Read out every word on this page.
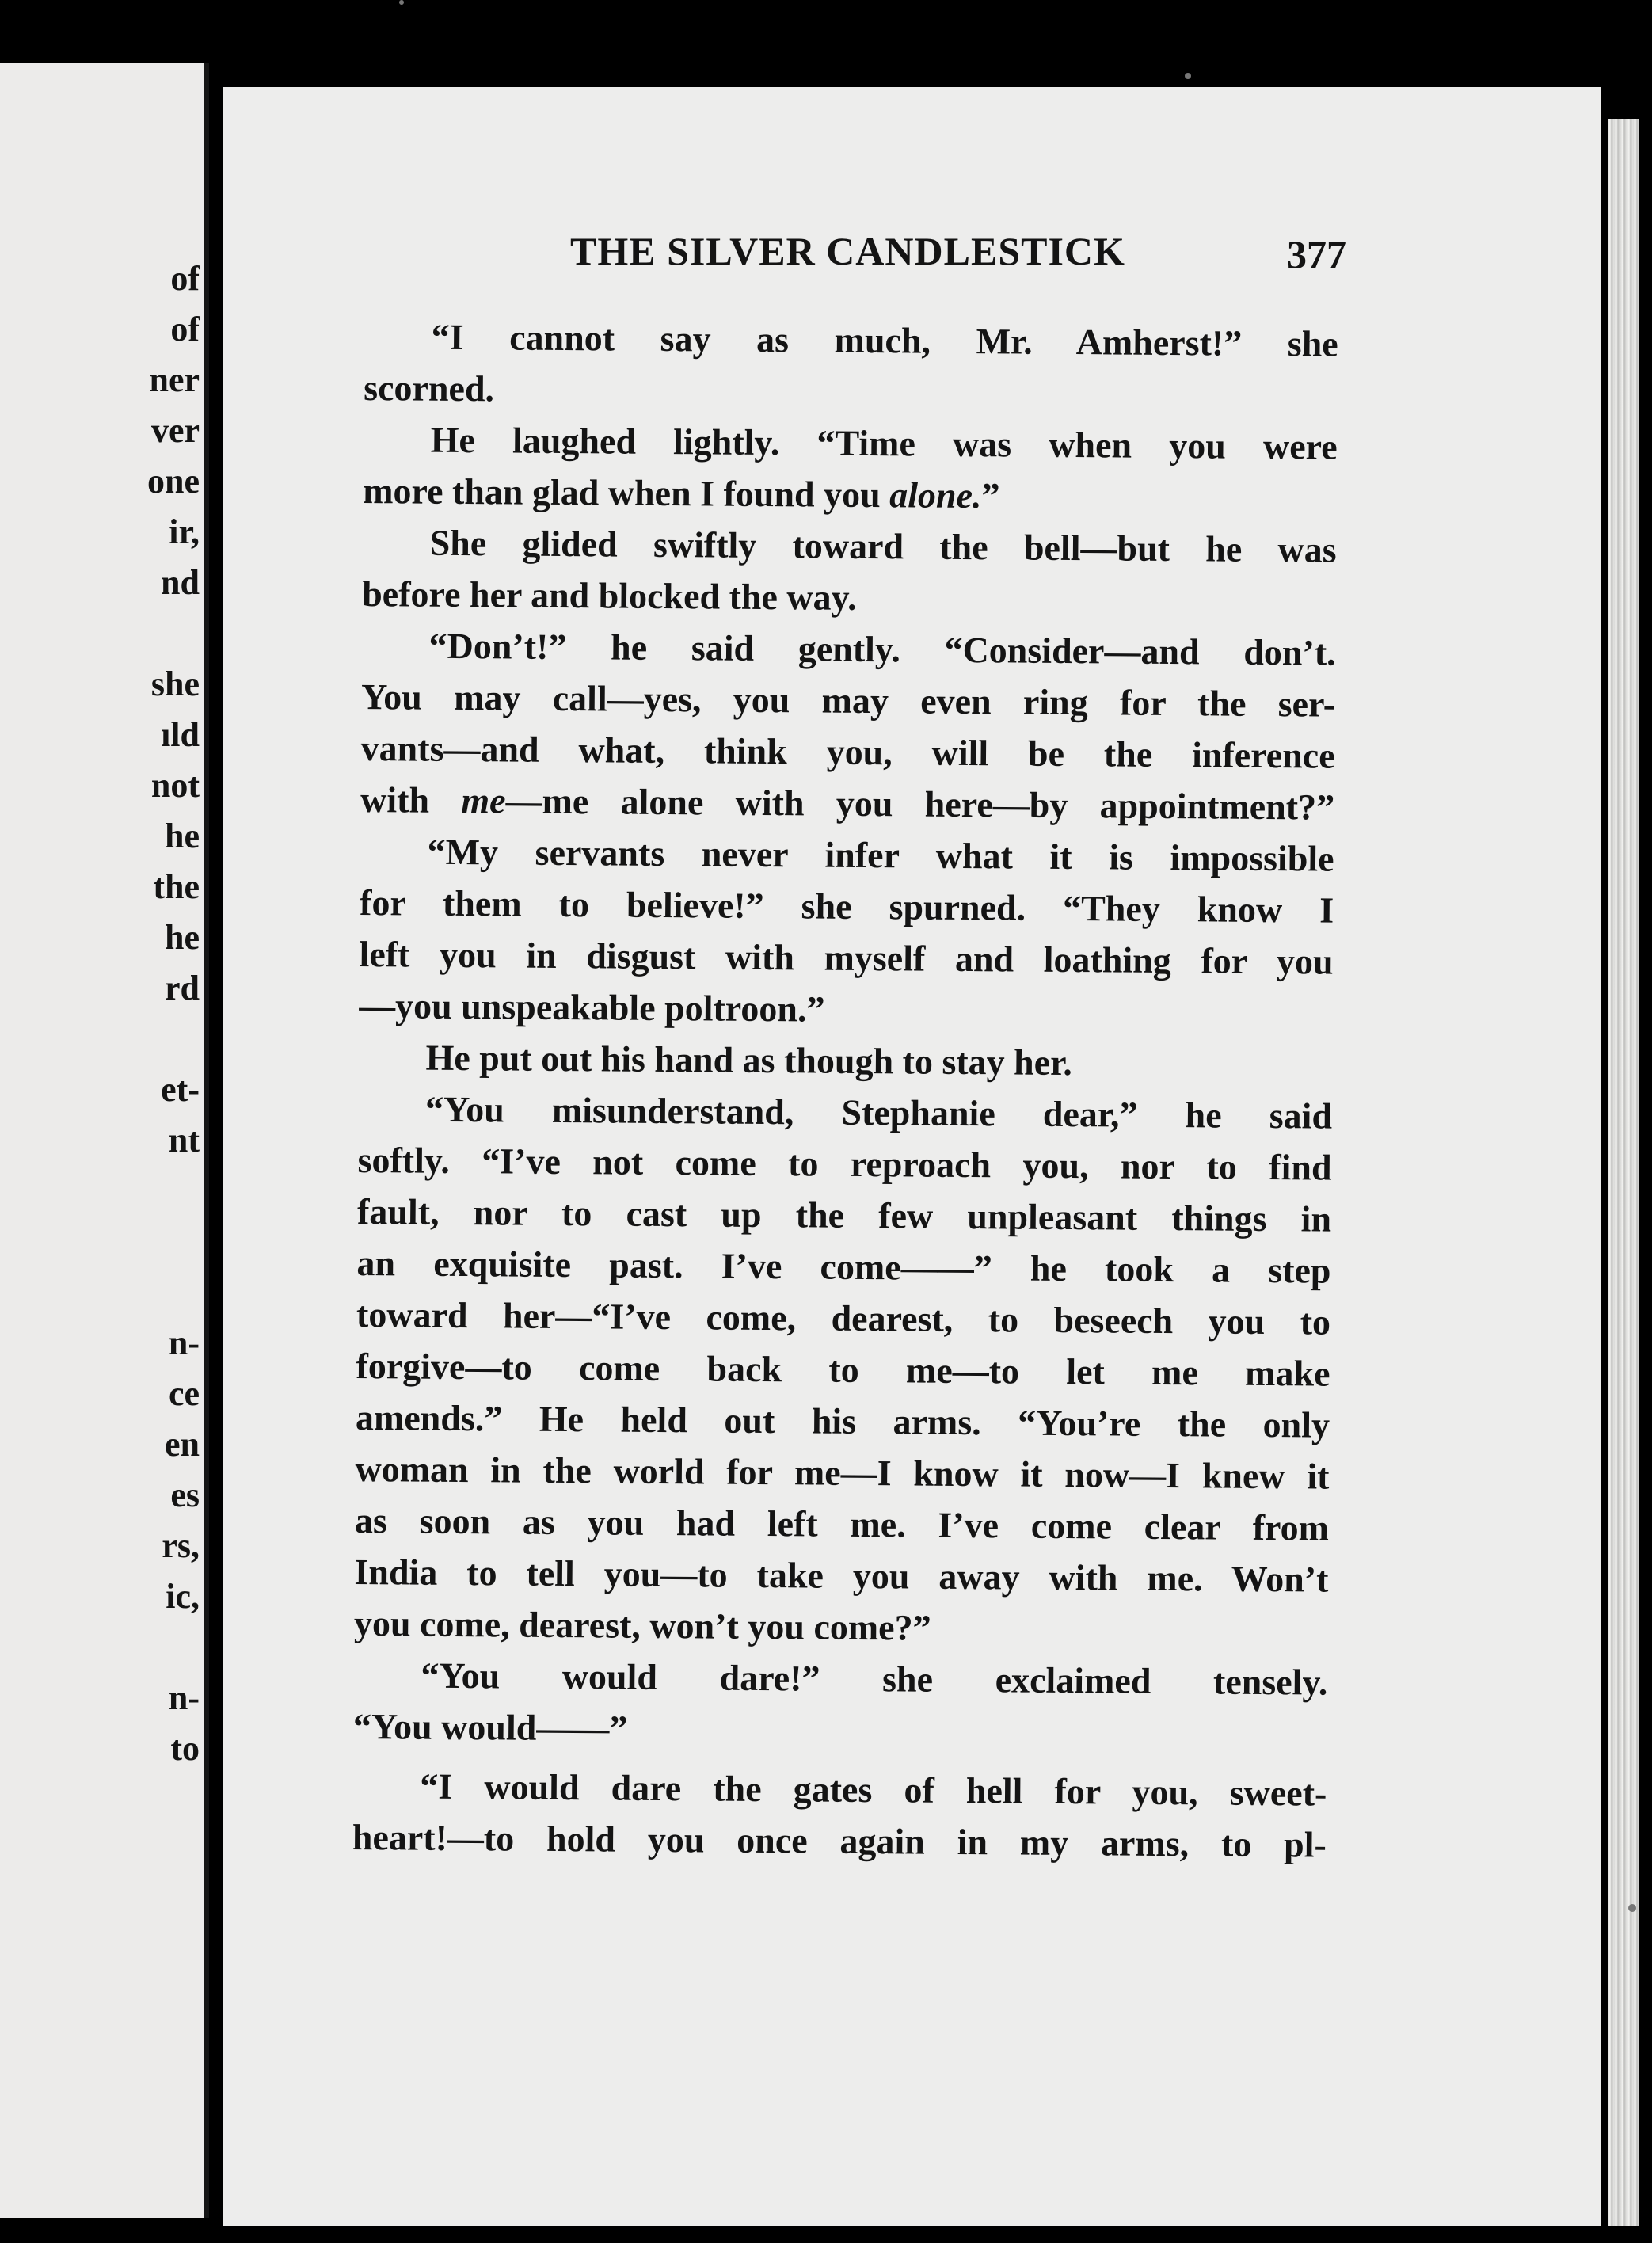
of
of
ner
ver
one
ir,
nd
she
ıld
not
he
the
he
rd
et-
nt
n-
ce
en
es
rs,
ic,
n-
to
THE SILVER CANDLESTICK	377
“I cannot say as much, Mr. Amherst!” she
scorned.
He laughed lightly. “Time was when you were
more than glad when I found you alone.”
She glided swiftly toward the bell—but he was
before her and blocked the way.
“Don’t!” he said gently. “Consider—and don’t.
You may call—yes, you may even ring for the ser-
vants—and what, think you, will be the inference
with me—me alone with you here—by appointment?”
“My servants never infer what it is impossible
for them to believe!” she spurned. “They know I
left you in disgust with myself and loathing for you
—you unspeakable poltroon.”
He put out his hand as though to stay her.
“You misunderstand, Stephanie dear,” he said
softly. “I’ve not come to reproach you, nor to find
fault, nor to cast up the few unpleasant things in
an exquisite past. I’ve come——” he took a step
toward her—“I’ve come, dearest, to beseech you to
forgive—to come back to me—to let me make
amends.” He held out his arms. “You’re the only
woman in the world for me—I know it now—I knew it
as soon as you had left me. I’ve come clear from
India to tell you—to take you away with me. Won’t
you come, dearest, won’t you come?”
“You would dare!” she exclaimed tensely.
“You would——”
“I would dare the gates of hell for you, sweet-
heart!—to hold you once again in my arms, to pl-
